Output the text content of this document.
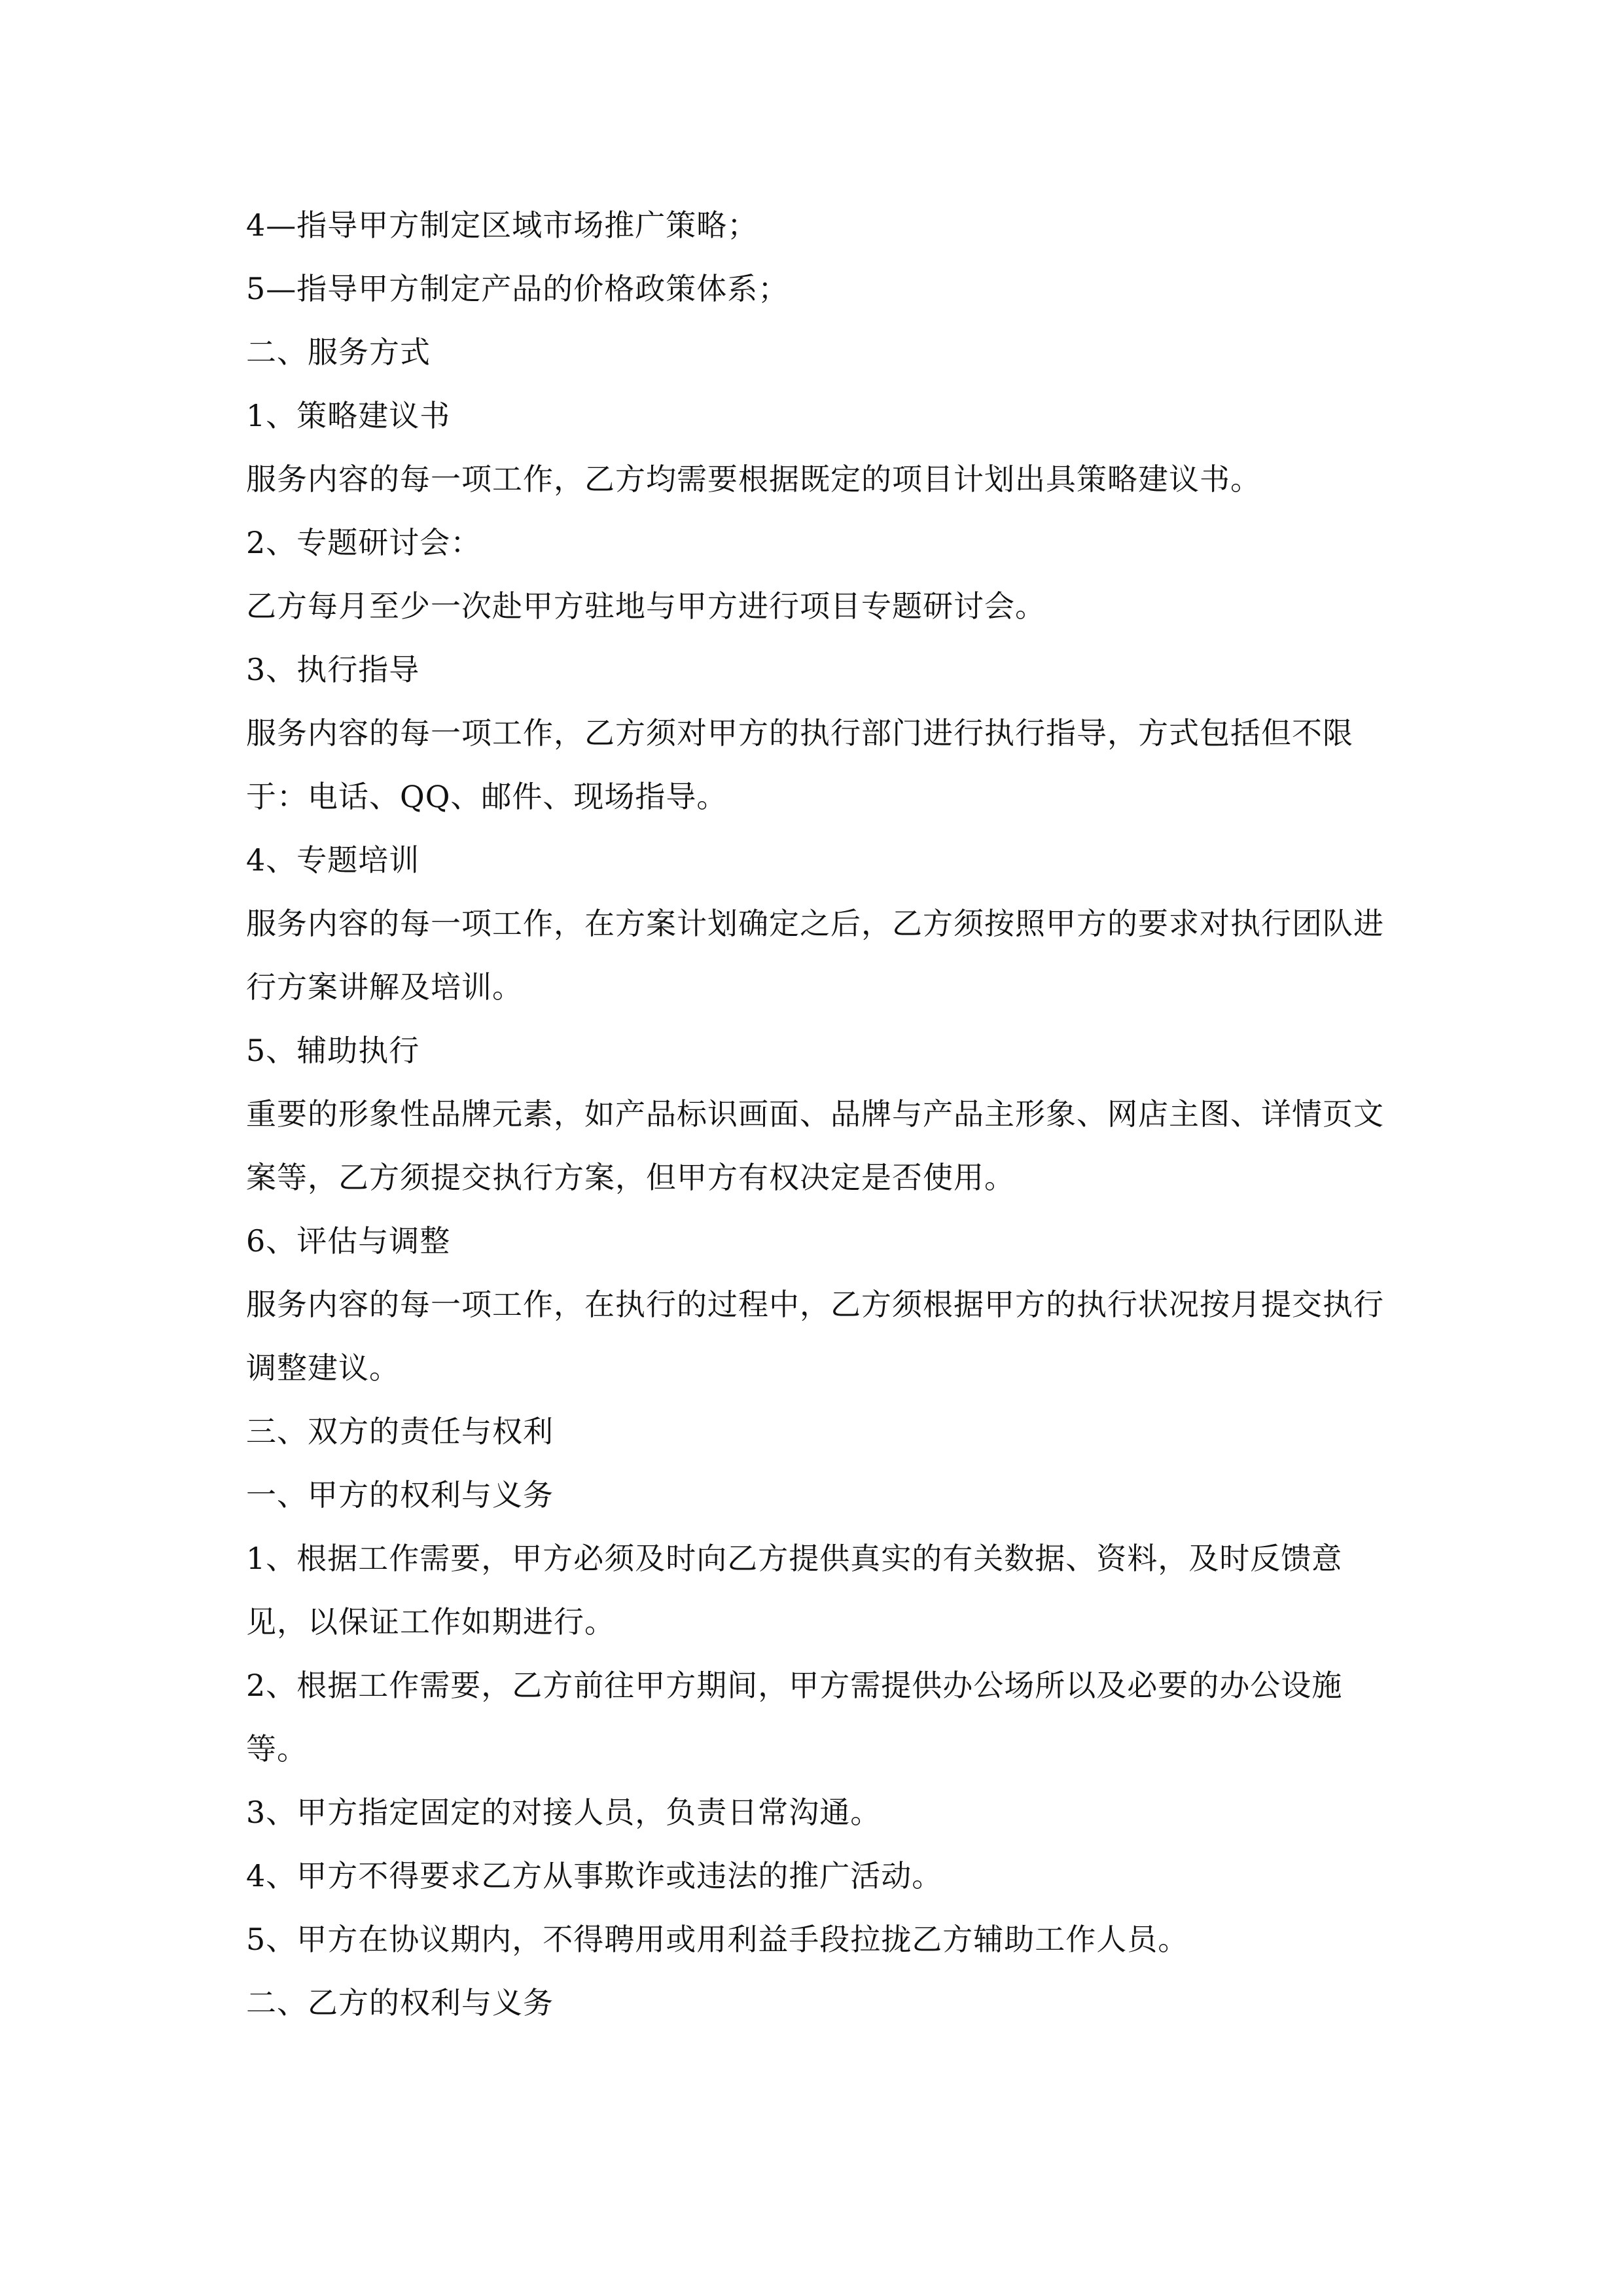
4—指导甲方制定区域市场推广策略；

5—指导甲方制定产品的价格政策体系；

二、服务方式

1、策略建议书

服务内容的每一项工作，乙方均需要根据既定的项目计划出具策略建议书。

2、专题研讨会：

乙方每月至少一次赴甲方驻地与甲方进行项目专题研讨会。

3、执行指导

服务内容的每一项工作，乙方须对甲方的执行部门进行执行指导，方式包括但不限于：电话、QQ、邮件、现场指导。

4、专题培训

服务内容的每一项工作，在方案计划确定之后，乙方须按照甲方的要求对执行团队进行方案讲解及培训。

5、辅助执行

重要的形象性品牌元素，如产品标识画面、品牌与产品主形象、网店主图、详情页文案等，乙方须提交执行方案，但甲方有权决定是否使用。

6、评估与调整

服务内容的每一项工作，在执行的过程中，乙方须根据甲方的执行状况按月提交执行调整建议。

三、双方的责任与权利

一、甲方的权利与义务

1、根据工作需要，甲方必须及时向乙方提供真实的有关数据、资料，及时反馈意见，以保证工作如期进行。

2、根据工作需要，乙方前往甲方期间，甲方需提供办公场所以及必要的办公设施等。

3、甲方指定固定的对接人员，负责日常沟通。

4、甲方不得要求乙方从事欺诈或违法的推广活动。

5、甲方在协议期内，不得聘用或用利益手段拉拢乙方辅助工作人员。

二、乙方的权利与义务
